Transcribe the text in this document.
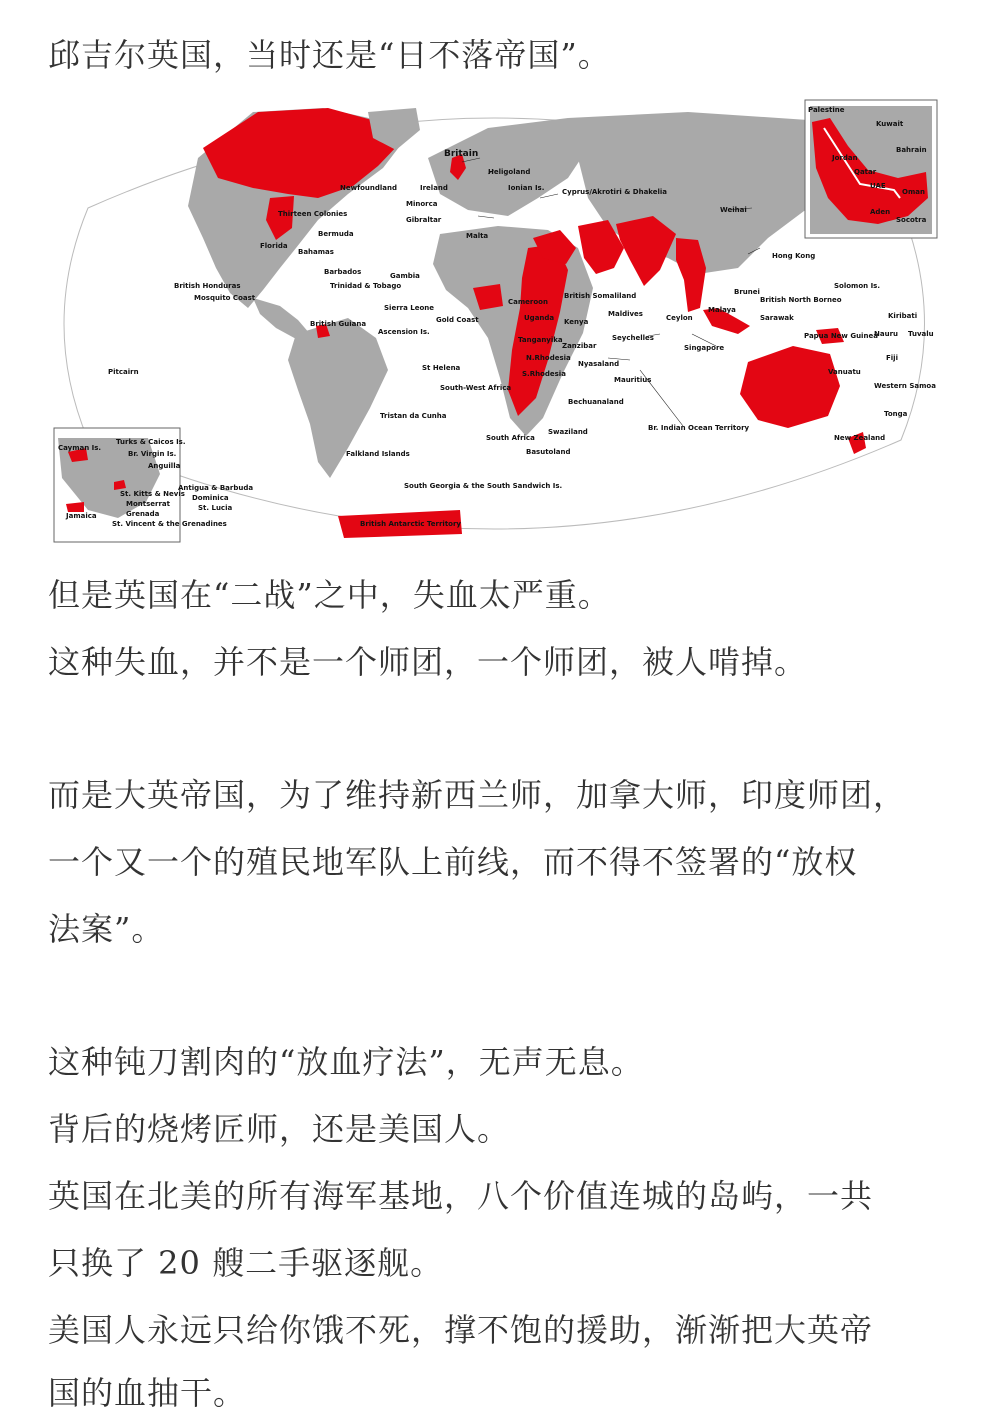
邱吉尔英国，当时还是“日不落帝国”。

Britain
Heligoland
Newfoundland	Ireland	Ionian Is.	Cyprus/Akrotiri & Dhakelia
Minorca
Gibraltar
Malta
Thirteen Colonies
Bermuda
Florida
Bahamas
Weihai
Hong Kong
Palestine
Kuwait
Bahrain
Jordan
Qatar
UAE
Oman
Aden
Socotra
British Honduras
Mosquito Coast
Barbados
Trinidad & Tobago
Gambia
Sierra Leone
Gold Coast
Ascension Is.
British Guiana
Pitcairn	St Helena
South-West Africa
Tristan da Cunha
Falkland Islands
South Georgia & the South Sandwich Is.
British Antarctic Territory
Cameroon
Uganda
Tanganyika
N.Rhodesia
Zanzibar
Nyasaland
S.Rhodesia
Bechuanaland
Swaziland
South Africa
Basutoland
British Somaliland
Kenya
Maldives
Seychelles
Mauritius
Br. Indian Ocean Territory
Ceylon
Malaya
Singapore
Brunei
British North Borneo
Sarawak
Solomon Is.
Kiribati
Nauru Tuvalu
Papua New Guinea
Fiji
Vanuatu
Western Samoa
Tonga
New Zealand
Turks & Caicos Is.
Br. Virgin Is.
Cayman Is.
Anguilla
Antigua & Barbuda
St. Kitts & Nevis Dominica
Montserrat	St. Lucia
Jamaica	Grenada
St. Vincent & the Grenadines

但是英国在“二战”之中，失血太严重。

这种失血，并不是一个师团，一个师团，被人啃掉。

而是大英帝国，为了维持新西兰师，加拿大师，印度师团，

一个又一个的殖民地军队上前线，而不得不签署的“放权

法案”。

这种钝刀割肉的“放血疗法”，无声无息。

背后的烧烤匠师，还是美国人。

英国在北美的所有海军基地，八个价值连城的岛屿，一共

只换了 20 艘二手驱逐舰。

美国人永远只给你饿不死，撑不饱的援助，渐渐把大英帝

国的血抽干。
